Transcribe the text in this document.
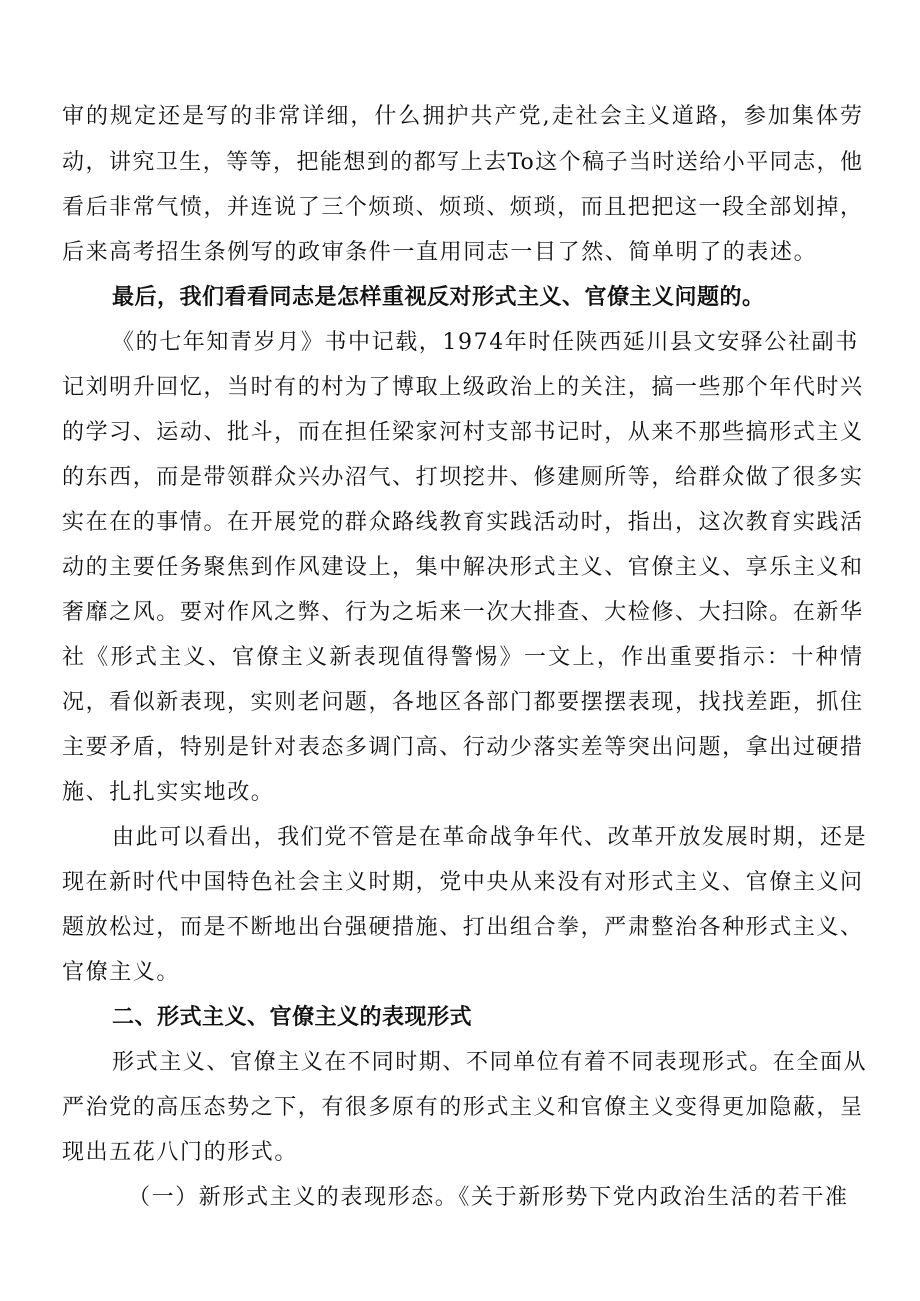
审的规定还是写的非常详细，什么拥护共产党,走社会主义道路，参加集体劳
动，讲究卫生，等等，把能想到的都写上去To这个稿子当时送给小平同志，他
看后非常气愤，并连说了三个烦琐、烦琐、烦琐，而且把把这一段全部划掉，
后来高考招生条例写的政审条件一直用同志一目了然、简单明了的表述。
最后，我们看看同志是怎样重视反对形式主义、官僚主义问题的。
《的七年知青岁月》书中记载，1974年时任陕西延川县文安驿公社副书
记刘明升回忆，当时有的村为了博取上级政治上的关注，搞一些那个年代时兴
的学习、运动、批斗，而在担任梁家河村支部书记时，从来不那些搞形式主义
的东西，而是带领群众兴办沼气、打坝挖井、修建厕所等，给群众做了很多实
实在在的事情。在开展党的群众路线教育实践活动时，指出，这次教育实践活
动的主要任务聚焦到作风建设上，集中解决形式主义、官僚主义、享乐主义和
奢靡之风。要对作风之弊、行为之垢来一次大排查、大检修、大扫除。在新华
社《形式主义、官僚主义新表现值得警惕》一文上，作出重要指示：十种情
况，看似新表现，实则老问题，各地区各部门都要摆摆表现，找找差距，抓住
主要矛盾，特别是针对表态多调门高、行动少落实差等突出问题，拿出过硬措
施、扎扎实实地改。
由此可以看出，我们党不管是在革命战争年代、改革开放发展时期，还是
现在新时代中国特色社会主义时期，党中央从来没有对形式主义、官僚主义问
题放松过，而是不断地出台强硬措施、打出组合拳，严肃整治各种形式主义、
官僚主义。
二、形式主义、官僚主义的表现形式
形式主义、官僚主义在不同时期、不同单位有着不同表现形式。在全面从
严治党的高压态势之下，有很多原有的形式主义和官僚主义变得更加隐蔽，呈
现出五花八门的形式。
（一）新形式主义的表现形态。《关于新形势下党内政治生活的若干准
